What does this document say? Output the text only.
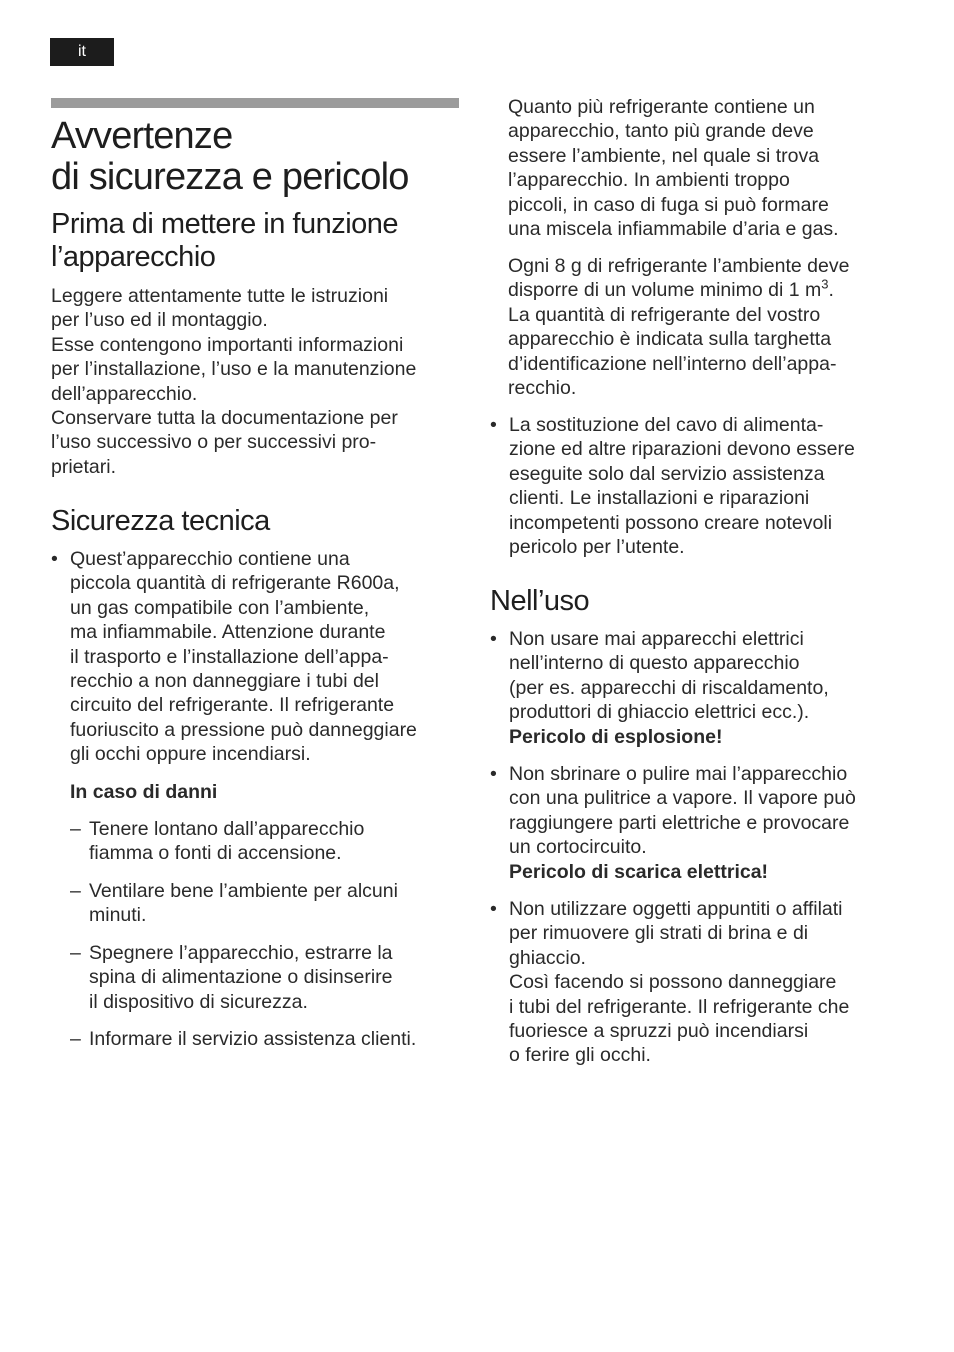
it
Avvertenze
di sicurezza e pericolo
Prima di mettere in funzione
l’apparecchio

Leggere attentamente tutte le istruzioni
per l’uso ed il montaggio.

Esse contengono importanti informazioni
per l’installazione, l’uso e la manutenzione
dell’apparecchio.

Conservare tutta la documentazione per
l’uso successivo o per successivi pro-
prietari.

Sicurezza tecnica
• Quest’apparecchio contiene una
piccola quantità di refrigerante R600a,
un gas compatibile con l’ambiente,
ma infiammabile. Attenzione durante
il trasporto e l’installazione dell’appa-
recchio a non danneggiare i tubi del
circuito del refrigerante. Il refrigerante
fuoriuscito a pressione può danneggiare
gli occhi oppure incendiarsi.

In caso di danni

– Tenere lontano dall’apparecchio
fiamma o fonti di accensione.

– Ventilare bene l’ambiente per alcuni
minuti.

– Spegnere l’apparecchio, estrarre la
spina di alimentazione o disinserire
il dispositivo di sicurezza.

– Informare il servizio assistenza clienti.

Quanto più refrigerante contiene un
apparecchio, tanto più grande deve
essere l’ambiente, nel quale si trova
l’apparecchio. In ambienti troppo
piccoli, in caso di fuga si può formare
una miscela infiammabile d’aria e gas.

Ogni 8 g di refrigerante l’ambiente deve
disporre di un volume minimo di 1 $m^3$.
La quantità di refrigerante del vostro
apparecchio è indicata sulla targhetta
d’identificazione nell’interno dell’appa-
recchio.

• La sostituzione del cavo di alimenta-
zione ed altre riparazioni devono essere
eseguite solo dal servizio assistenza
clienti. Le installazioni e riparazioni
incompetenti possono creare notevoli
pericolo per l’utente.

Nell’uso
• Non usare mai apparecchi elettrici
nell’interno di questo apparecchio
(per es. apparecchi di riscaldamento,
produttori di ghiaccio elettrici ecc.).
Pericolo di esplosione!

• Non sbrinare o pulire mai l’apparecchio
con una pulitrice a vapore. Il vapore può
raggiungere parti elettriche e provocare
un cortocircuito.
Pericolo di scarica elettrica!

• Non utilizzare oggetti appuntiti o affilati
per rimuovere gli strati di brina e di
ghiaccio.
Così facendo si possono danneggiare
i tubi del refrigerante. Il refrigerante che
fuoriesce a spruzzi può incendiarsi
o ferire gli occhi.
